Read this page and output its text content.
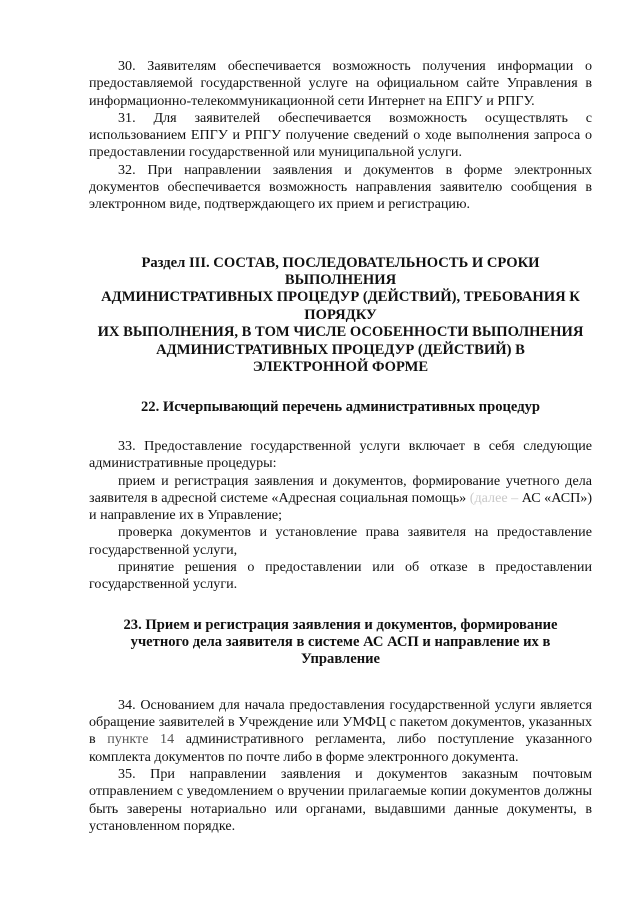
30. Заявителям обеспечивается возможность получения информации о предоставляемой государственной услуге на официальном сайте Управления в информационно-телекоммуникационной сети Интернет на ЕПГУ и РПГУ.

31. Для заявителей обеспечивается возможность осуществлять с использованием ЕПГУ и РПГУ получение сведений о ходе выполнения запроса о предоставлении государственной или муниципальной услуги.

32. При направлении заявления и документов в форме электронных документов обеспечивается возможность направления заявителю сообщения в электронном виде, подтверждающего их прием и регистрацию.

Раздел III. СОСТАВ, ПОСЛЕДОВАТЕЛЬНОСТЬ И СРОКИ
ВЫПОЛНЕНИЯ
АДМИНИСТРАТИВНЫХ ПРОЦЕДУР (ДЕЙСТВИЙ), ТРЕБОВАНИЯ К
ПОРЯДКУ
ИХ ВЫПОЛНЕНИЯ, В ТОМ ЧИСЛЕ ОСОБЕННОСТИ ВЫПОЛНЕНИЯ
АДМИНИСТРАТИВНЫХ ПРОЦЕДУР (ДЕЙСТВИЙ) В
ЭЛЕКТРОННОЙ ФОРМЕ
22. Исчерпывающий перечень административных процедур

33. Предоставление государственной услуги включает в себя следующие административные процедуры:

прием и регистрация заявления и документов, формирование учетного дела заявителя в адресной системе «Адресная социальная помощь» (далее – АС «АСП») и направление их в Управление;

проверка документов и установление права заявителя на предоставление государственной услуги,

принятие решения о предоставлении или об отказе в предоставлении государственной услуги.

23. Прием и регистрация заявления и документов, формирование
учетного дела заявителя в системе АС АСП и направление их в
Управление

34. Основанием для начала предоставления государственной услуги является обращение заявителей в Учреждение или УМФЦ с пакетом документов, указанных в пункте 14 административного регламента, либо поступление указанного комплекта документов по почте либо в форме электронного документа.

35. При направлении заявления и документов заказным почтовым отправлением с уведомлением о вручении прилагаемые копии документов должны быть заверены нотариально или органами, выдавшими данные документы, в установленном порядке.
